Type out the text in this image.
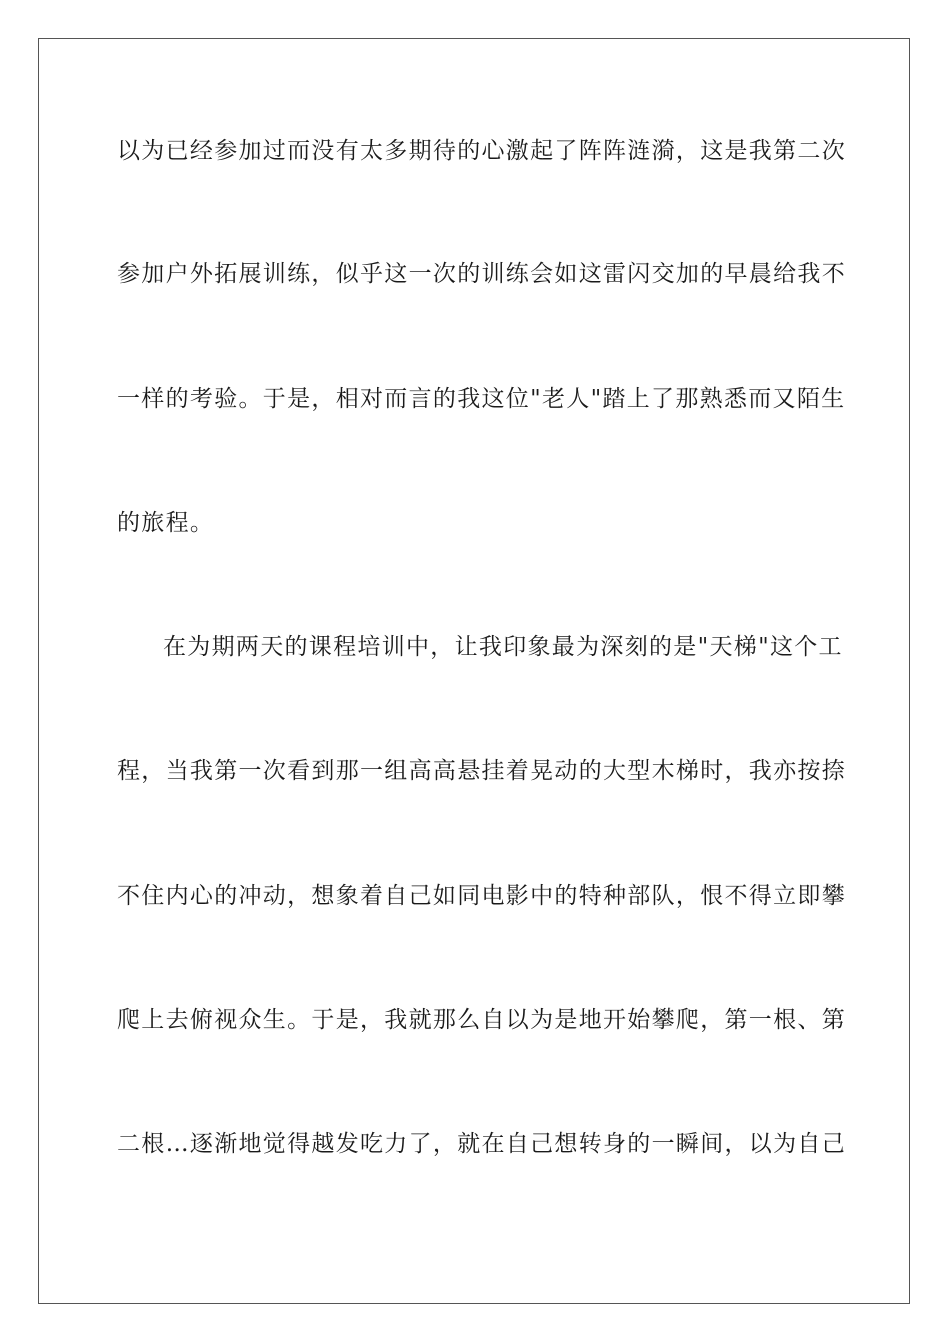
以为已经参加过而没有太多期待的心激起了阵阵涟漪，这是我第二次
参加户外拓展训练，似乎这一次的训练会如这雷闪交加的早晨给我不
一样的考验。于是，相对而言的我这位"老人"踏上了那熟悉而又陌生
的旅程。
在为期两天的课程培训中，让我印象最为深刻的是"天梯"这个工
程，当我第一次看到那一组高高悬挂着晃动的大型木梯时，我亦按捺
不住内心的冲动，想象着自己如同电影中的特种部队，恨不得立即攀
爬上去俯视众生。于是，我就那么自以为是地开始攀爬，第一根、第
二根…逐渐地觉得越发吃力了，就在自己想转身的一瞬间，以为自己
